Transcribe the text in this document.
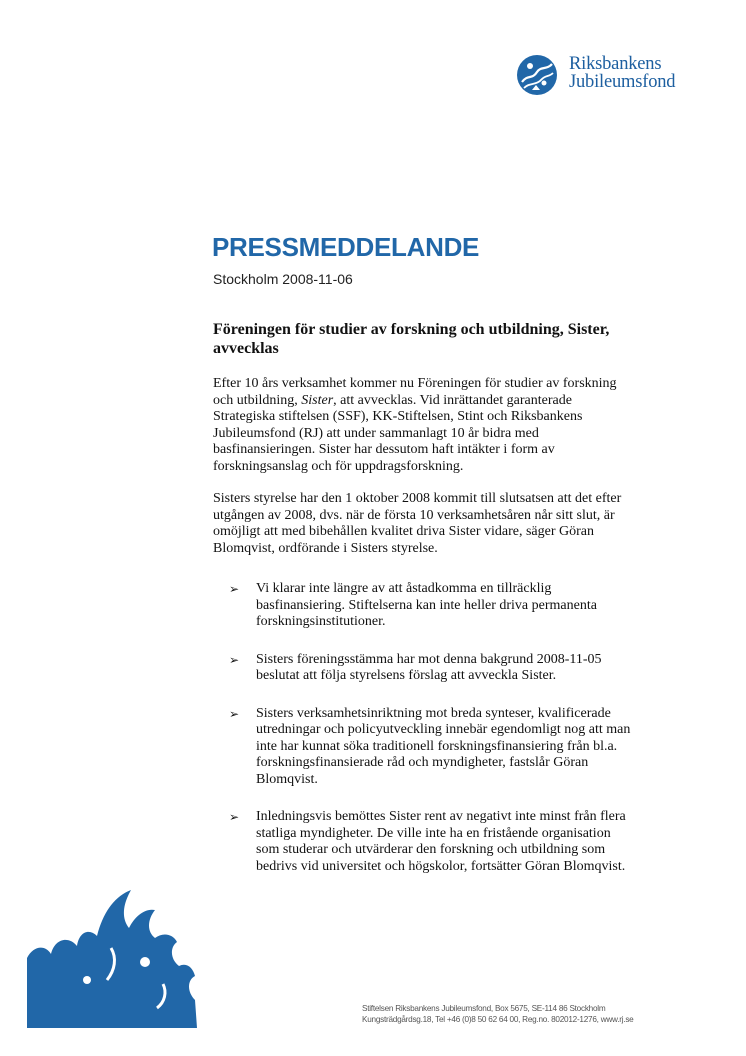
Riksbankens
Jubileumsfond
PRESSMEDDELANDE
Stockholm 2008-11-06
Föreningen för studier av forskning och utbildning, Sister, avvecklas

Efter 10 års verksamhet kommer nu Föreningen för studier av forskning och utbildning, Sister, att avvecklas. Vid inrättandet garanterade Strategiska stiftelsen (SSF), KK-Stiftelsen, Stint och Riksbankens Jubileumsfond (RJ) att under sammanlagt 10 år bidra med basfinansieringen. Sister har dessutom haft intäkter i form av forskningsanslag och för uppdragsforskning.

Sisters styrelse har den 1 oktober 2008 kommit till slutsatsen att det efter utgången av 2008, dvs. när de första 10 verksamhetsåren når sitt slut, är omöjligt att med bibehållen kvalitet driva Sister vidare, säger Göran Blomqvist, ordförande i Sisters styrelse.

➢ Vi klarar inte längre av att åstadkomma en tillräcklig basfinansiering. Stiftelserna kan inte heller driva permanenta forskningsinstitutioner.
➢ Sisters föreningsstämma har mot denna bakgrund 2008-11-05 beslutat att följa styrelsens förslag att avveckla Sister.
➢ Sisters verksamhetsinriktning mot breda synteser, kvalificerade utredningar och policyutveckling innebär egendomligt nog att man inte har kunnat söka traditionell forskningsfinansiering från bl.a. forskningsfinansierade råd och myndigheter, fastslår Göran Blomqvist.
➢ Inledningsvis bemöttes Sister rent av negativt inte minst från flera statliga myndigheter. De ville inte ha en fristående organisation som studerar och utvärderar den forskning och utbildning som bedrivs vid universitet och högskolor, fortsätter Göran Blomqvist.
Stiftelsen Riksbankens Jubileumsfond, Box 5675, SE-114 86 Stockholm
Kungsträdgårdsg.18, Tel +46 (0)8 50 62 64 00, Reg.no. 802012-1276, www.rj.se
